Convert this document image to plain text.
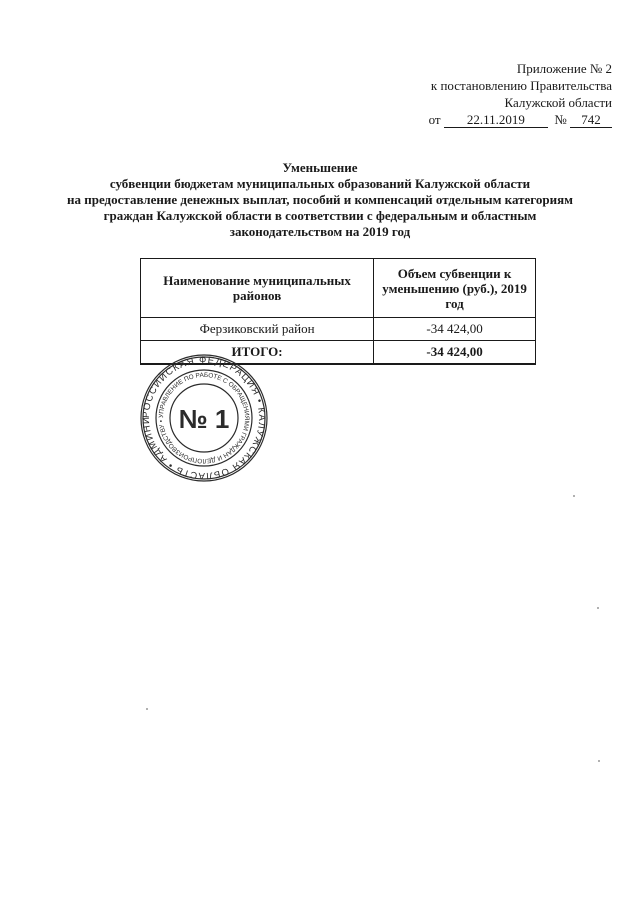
Приложение № 2
к постановлению Правительства
Калужской области
от 22.11.2019 № 742
Уменьшение
субвенции бюджетам муниципальных образований Калужской области
на предоставление денежных выплат, пособий и компенсаций отдельным категориям
граждан Калужской области в соответствии с федеральным и областным
законодательством на 2019 год
Наименование муниципальных районов	Объем субвенции к уменьшению (руб.), 2019 год
Ферзиковский район	-34 424,00
ИТОГО:	-34 424,00
РОССИЙСКАЯ ФЕДЕРАЦИЯ • КАЛУЖСКАЯ ОБЛАСТЬ • АДМИНИ УПРАВЛЕНИЕ ПО РАБОТЕ С ОБРАЩЕНИЯМИ ГРАЖДАН И ДЕЛОПРОИЗВОДСТВУ • № 1
